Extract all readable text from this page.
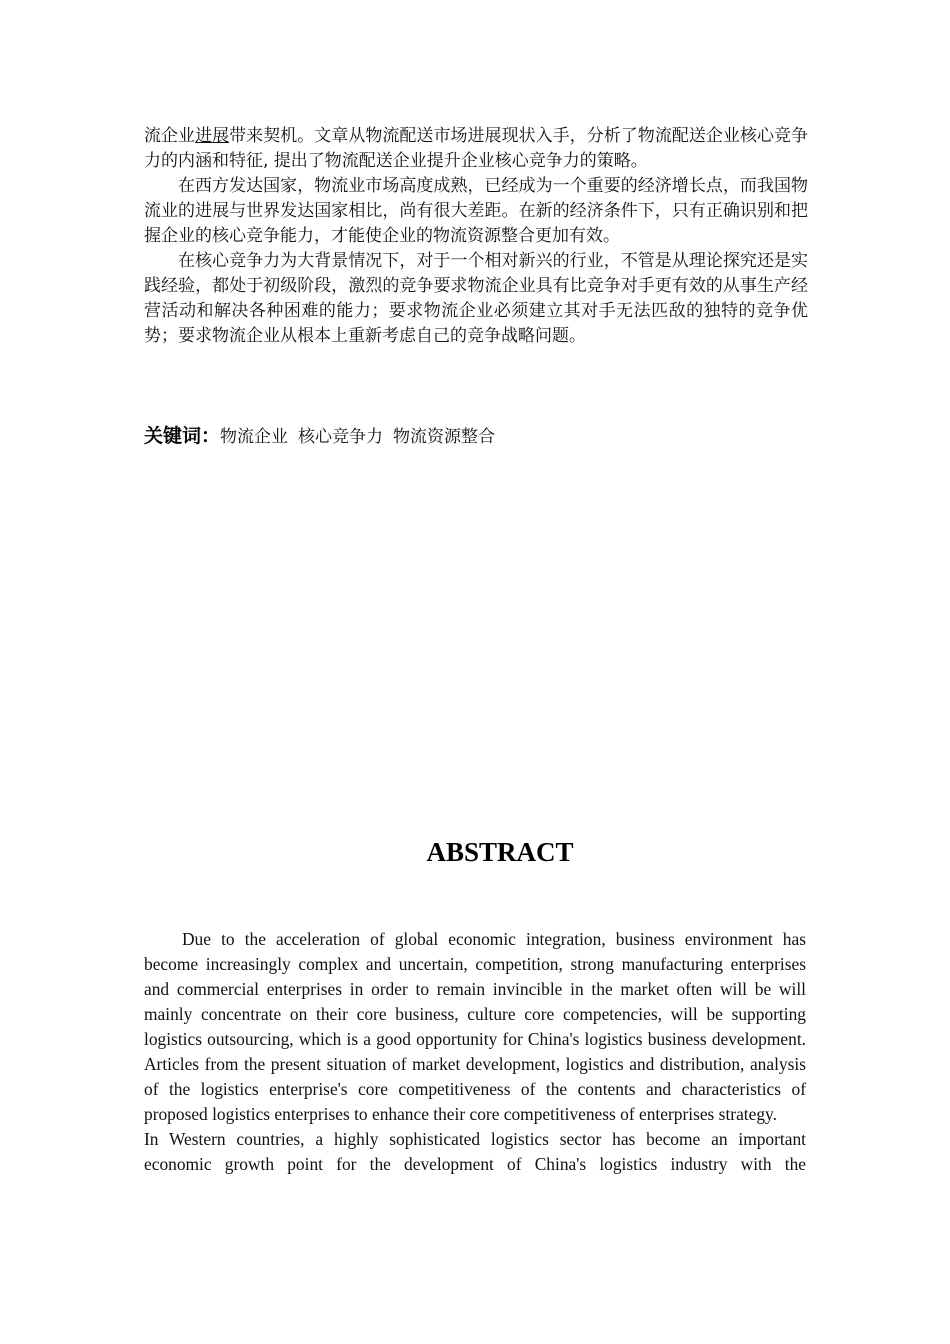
流企业进展带来契机。文章从物流配送市场进展现状入手，分析了物流配送企业核心竞争力的内涵和特征, 提出了物流配送企业提升企业核心竞争力的策略。

在西方发达国家，物流业市场高度成熟，已经成为一个重要的经济增长点，而我国物流业的进展与世界发达国家相比，尚有很大差距。在新的经济条件下，只有正确识别和把握企业的核心竞争能力，才能使企业的物流资源整合更加有效。

在核心竞争力为大背景情况下，对于一个相对新兴的行业，不管是从理论探究还是实践经验，都处于初级阶段，激烈的竞争要求物流企业具有比竞争对手更有效的从事生产经营活动和解决各种困难的能力；要求物流企业必须建立其对手无法匹敌的独特的竞争优势；要求物流企业从根本上重新考虑自己的竞争战略问题。

关键词：物流企业 核心竞争力 物流资源整合
ABSTRACT

Due to the acceleration of global economic integration, business environment has become increasingly complex and uncertain, competition, strong manufacturing enterprises and commercial enterprises in order to remain invincible in the market often will be will mainly concentrate on their core business, culture core competencies, will be supporting logistics outsourcing, which is a good opportunity for China's logistics business development. Articles from the present situation of market development, logistics and distribution, analysis of the logistics enterprise's core competitiveness of the contents and characteristics of proposed logistics enterprises to enhance their core competitiveness of enterprises strategy.

In Western countries, a highly sophisticated logistics sector has become an important economic growth point for the development of China's logistics industry with the
